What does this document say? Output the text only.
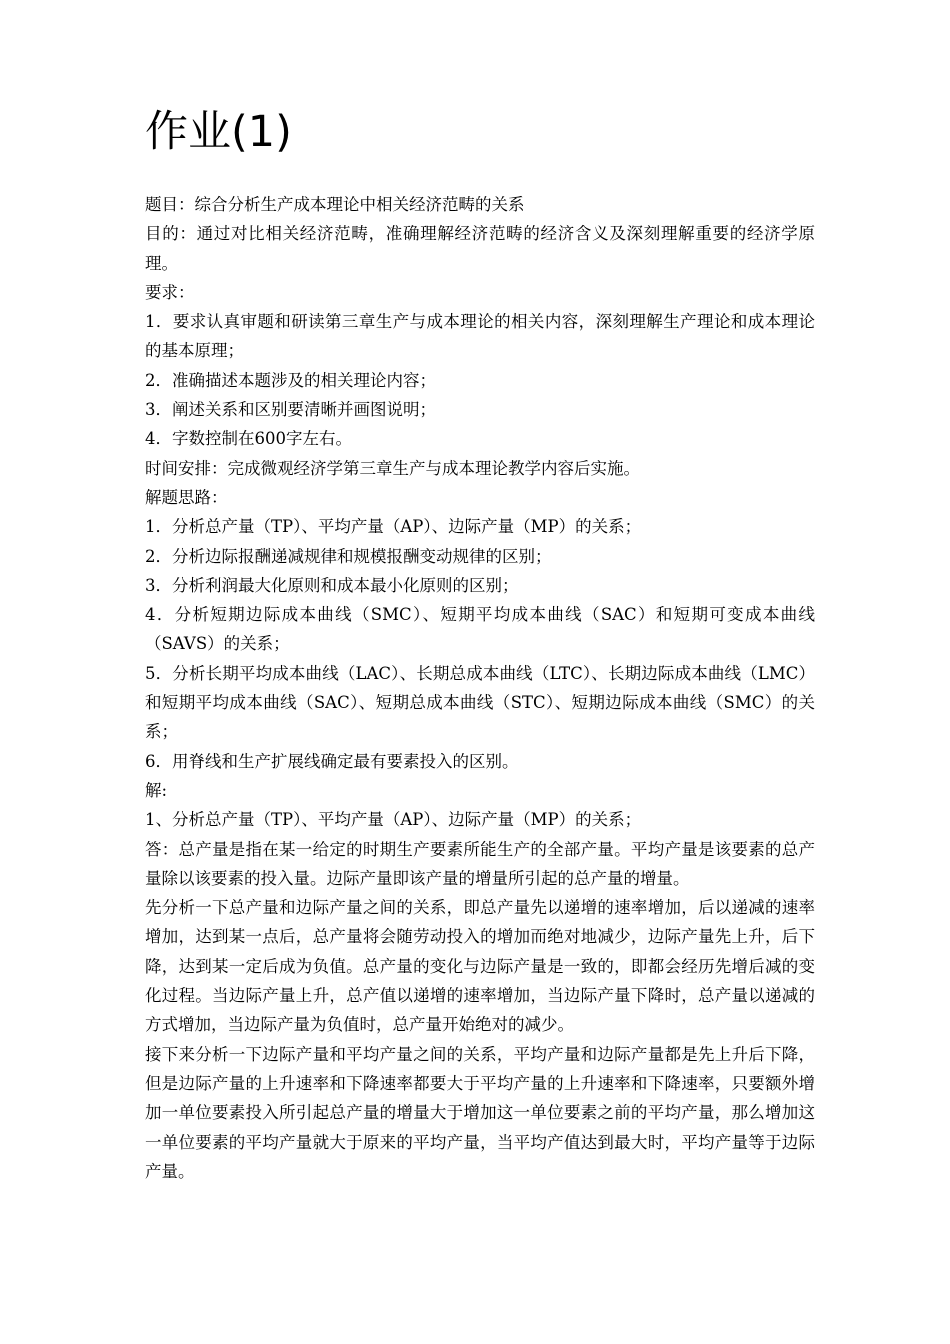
作业(1)

题目：综合分析生产成本理论中相关经济范畴的关系

目的：通过对比相关经济范畴，准确理解经济范畴的经济含义及深刻理解重要的经济学原理。

要求：

1．要求认真审题和研读第三章生产与成本理论的相关内容，深刻理解生产理论和成本理论的基本原理；

2．准确描述本题涉及的相关理论内容；

3．阐述关系和区别要清晰并画图说明；

4．字数控制在600字左右。

时间安排：完成微观经济学第三章生产与成本理论教学内容后实施。

解题思路：

1．分析总产量（TP）、平均产量（AP）、边际产量（MP）的关系；

2．分析边际报酬递减规律和规模报酬变动规律的区别；

3．分析利润最大化原则和成本最小化原则的区别；

4．分析短期边际成本曲线（SMC）、短期平均成本曲线（SAC）和短期可变成本曲线（SAVS）的关系；

5．分析长期平均成本曲线（LAC）、长期总成本曲线（LTC）、长期边际成本曲线（LMC）和短期平均成本曲线（SAC）、短期总成本曲线（STC）、短期边际成本曲线（SMC）的关系；

6．用脊线和生产扩展线确定最有要素投入的区别。

解:

1、分析总产量（TP）、平均产量（AP）、边际产量（MP）的关系；

答：总产量是指在某一给定的时期生产要素所能生产的全部产量。平均产量是该要素的总产量除以该要素的投入量。边际产量即该产量的增量所引起的总产量的增量。

先分析一下总产量和边际产量之间的关系，即总产量先以递增的速率增加，后以递减的速率增加，达到某一点后，总产量将会随劳动投入的增加而绝对地减少，边际产量先上升，后下降，达到某一定后成为负值。总产量的变化与边际产量是一致的，即都会经历先增后减的变化过程。当边际产量上升，总产值以递增的速率增加，当边际产量下降时，总产量以递减的方式增加，当边际产量为负值时，总产量开始绝对的减少。

接下来分析一下边际产量和平均产量之间的关系，平均产量和边际产量都是先上升后下降，但是边际产量的上升速率和下降速率都要大于平均产量的上升速率和下降速率，只要额外增加一单位要素投入所引起总产量的增量大于增加这一单位要素之前的平均产量，那么增加这一单位要素的平均产量就大于原来的平均产量，当平均产值达到最大时，平均产量等于边际产量。
